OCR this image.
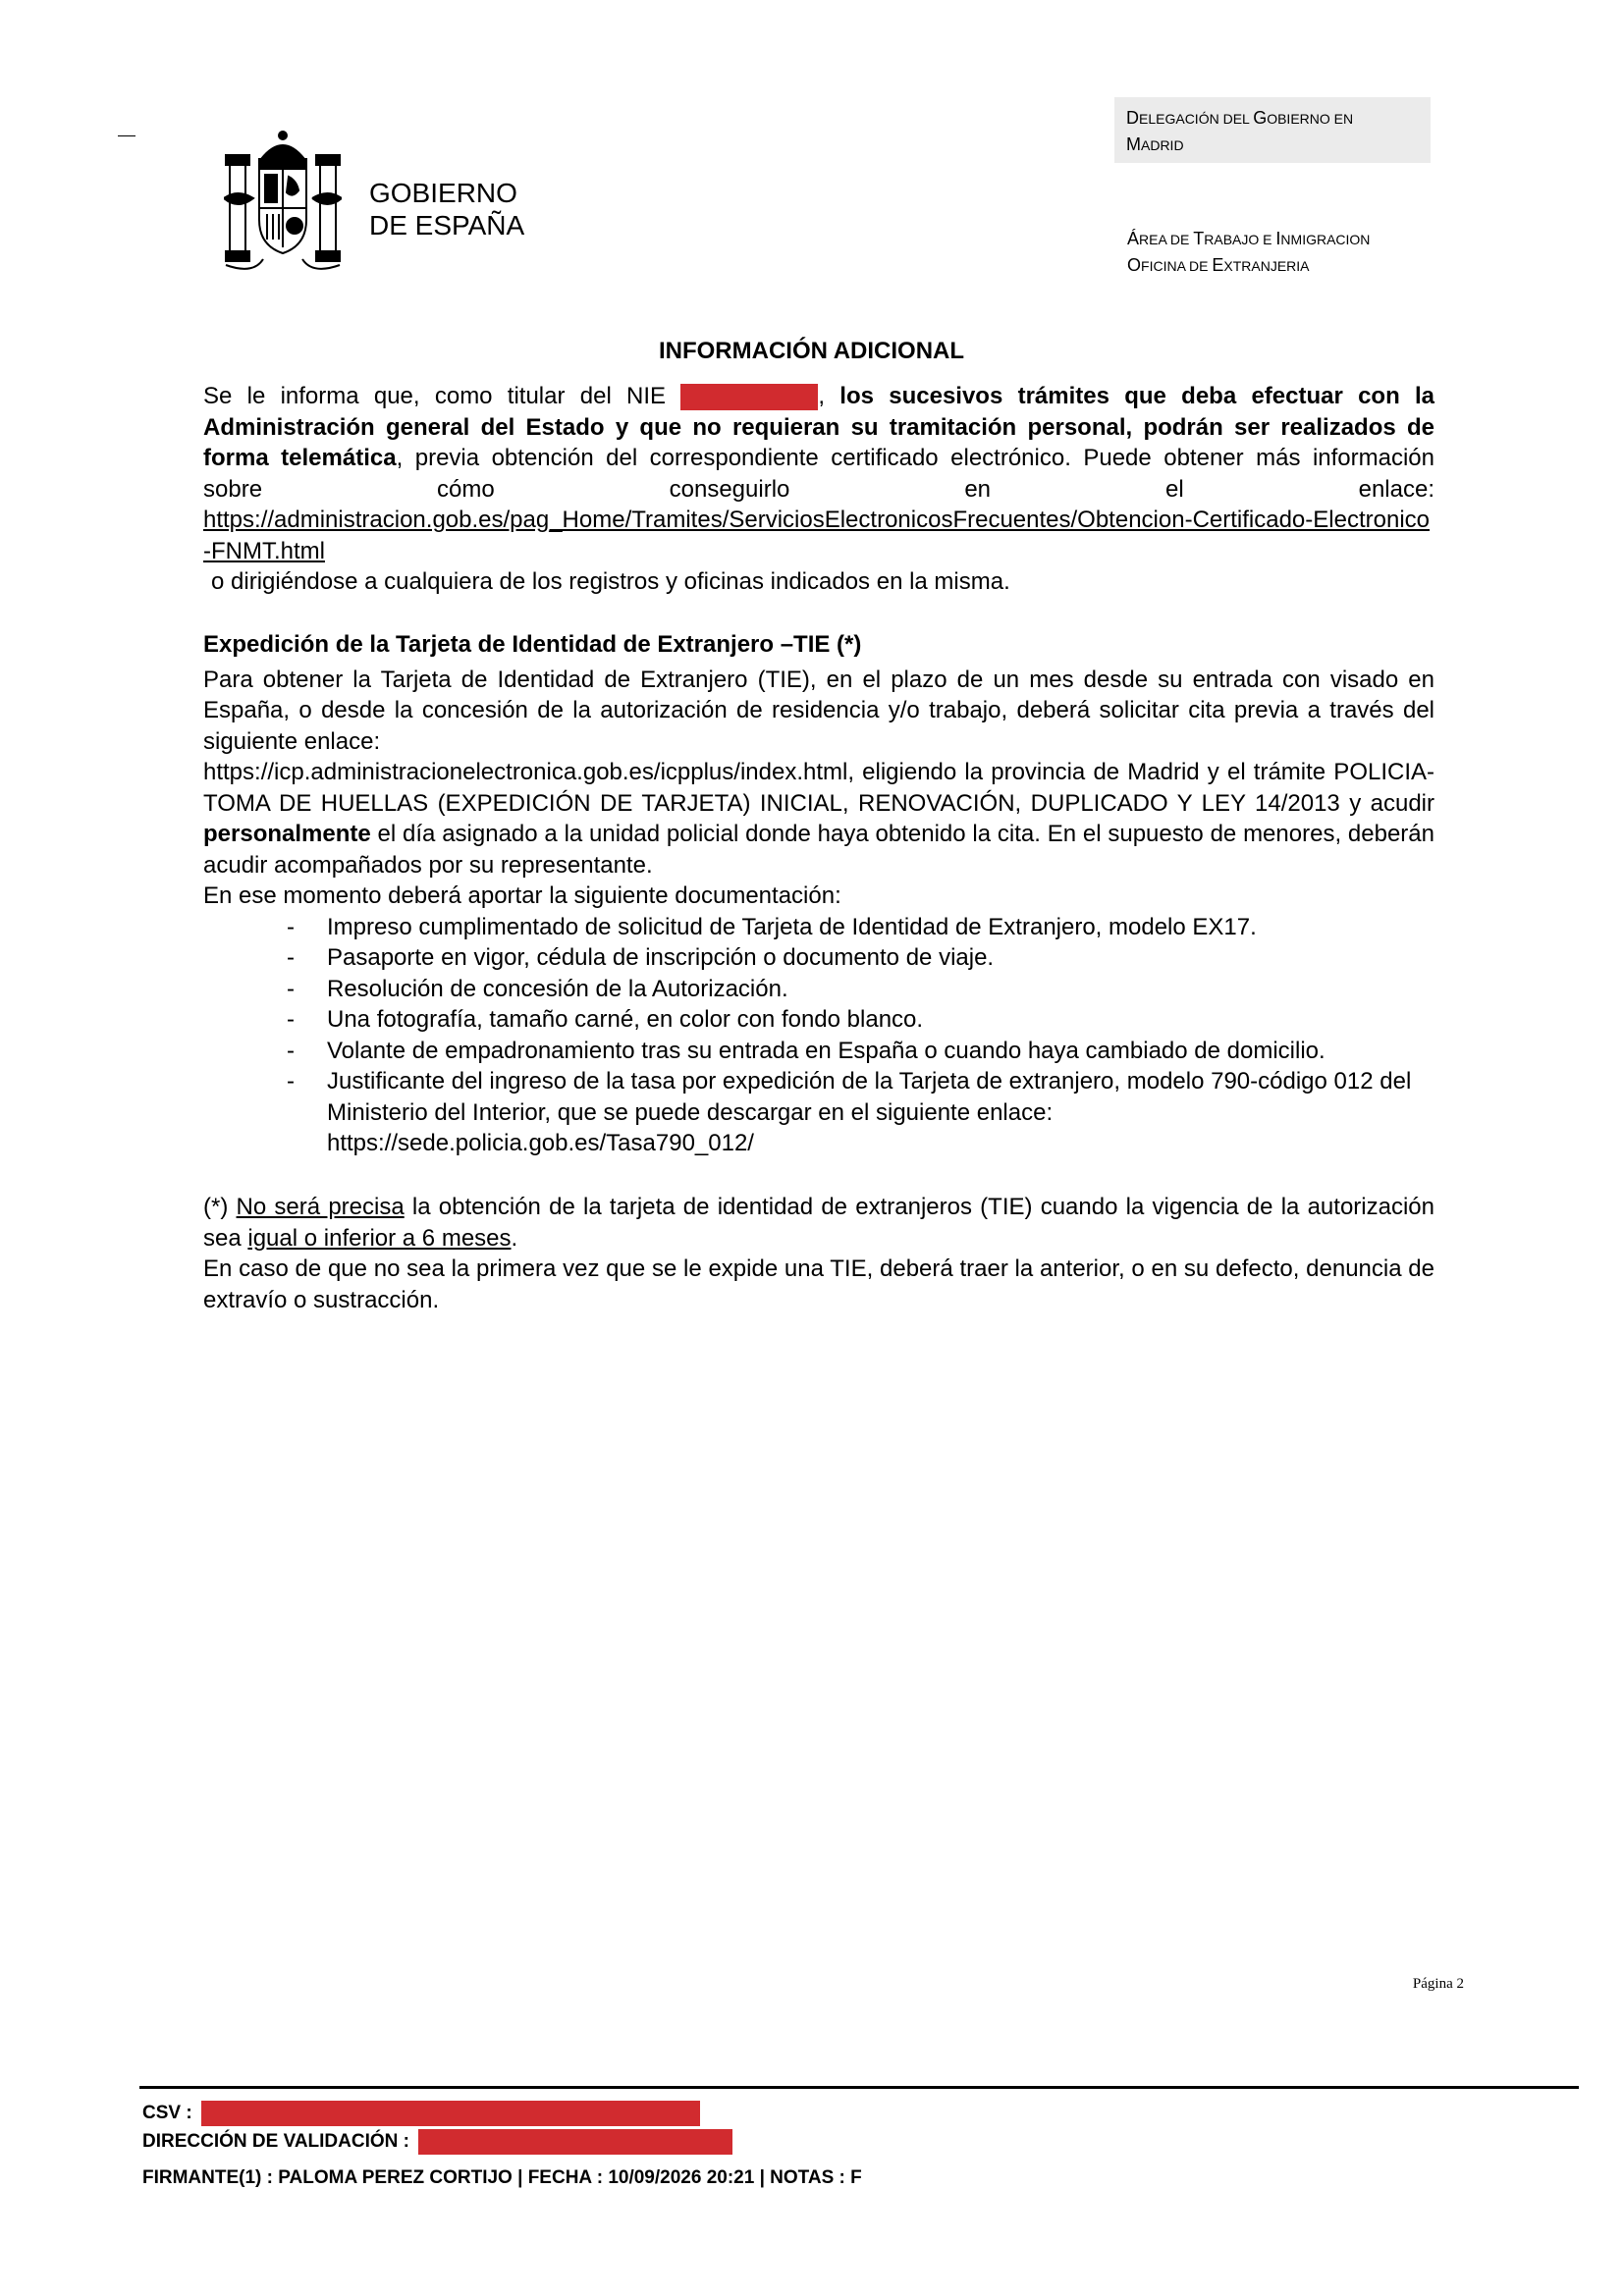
GOBIERNO
DE ESPAÑA
DELEGACIÓN DEL GOBIERNO EN
MADRID
ÁREA DE TRABAJO E INMIGRACION
OFICINA DE EXTRANJERIA
INFORMACIÓN ADICIONAL
Se le informa que, como titular del NIE	, los sucesivos trámites que deba efectuar con la Administración general del Estado y que no requieran su tramitación personal, podrán ser realizados de forma telemática, previa obtención del correspondiente certificado electrónico. Puede obtener más información sobre cómo conseguirlo en el enlace:
https://administracion.gob.es/pag_Home/Tramites/ServiciosElectronicosFrecuentes/Obtencion-Certificado-Electronico-FNMT.html
o dirigiéndose a cualquiera de los registros y oficinas indicados en la misma.
Expedición de la Tarjeta de Identidad de Extranjero –TIE (*)
Para obtener la Tarjeta de Identidad de Extranjero (TIE), en el plazo de un mes desde su entrada con visado en España, o desde la concesión de la autorización de residencia y/o trabajo, deberá solicitar cita previa a través del siguiente enlace:
https://icp.administracionelectronica.gob.es/icpplus/index.html, eligiendo la provincia de Madrid y el trámite POLICIA-TOMA DE HUELLAS (EXPEDICIÓN DE TARJETA) INICIAL, RENOVACIÓN, DUPLICADO Y LEY 14/2013 y acudir personalmente el día asignado a la unidad policial donde haya obtenido la cita. En el supuesto de menores, deberán acudir acompañados por su representante.
En ese momento deberá aportar la siguiente documentación:
- Impreso cumplimentado de solicitud de Tarjeta de Identidad de Extranjero, modelo EX17.
- Pasaporte en vigor, cédula de inscripción o documento de viaje.
- Resolución de concesión de la Autorización.
- Una fotografía, tamaño carné, en color con fondo blanco.
- Volante de empadronamiento tras su entrada en España o cuando haya cambiado de domicilio.
- Justificante del ingreso de la tasa por expedición de la Tarjeta de extranjero, modelo 790-código 012 del Ministerio del Interior, que se puede descargar en el siguiente enlace:
https://sede.policia.gob.es/Tasa790_012/
(*) No será precisa la obtención de la tarjeta de identidad de extranjeros (TIE) cuando la vigencia de la autorización sea igual o inferior a 6 meses.
En caso de que no sea la primera vez que se le expide una TIE, deberá traer la anterior, o en su defecto, denuncia de extravío o sustracción.
Página 2
CSV :
DIRECCIÓN DE VALIDACIÓN :
FIRMANTE(1) : PALOMA PEREZ CORTIJO | FECHA : 10/09/2026 20:21 | NOTAS : F
